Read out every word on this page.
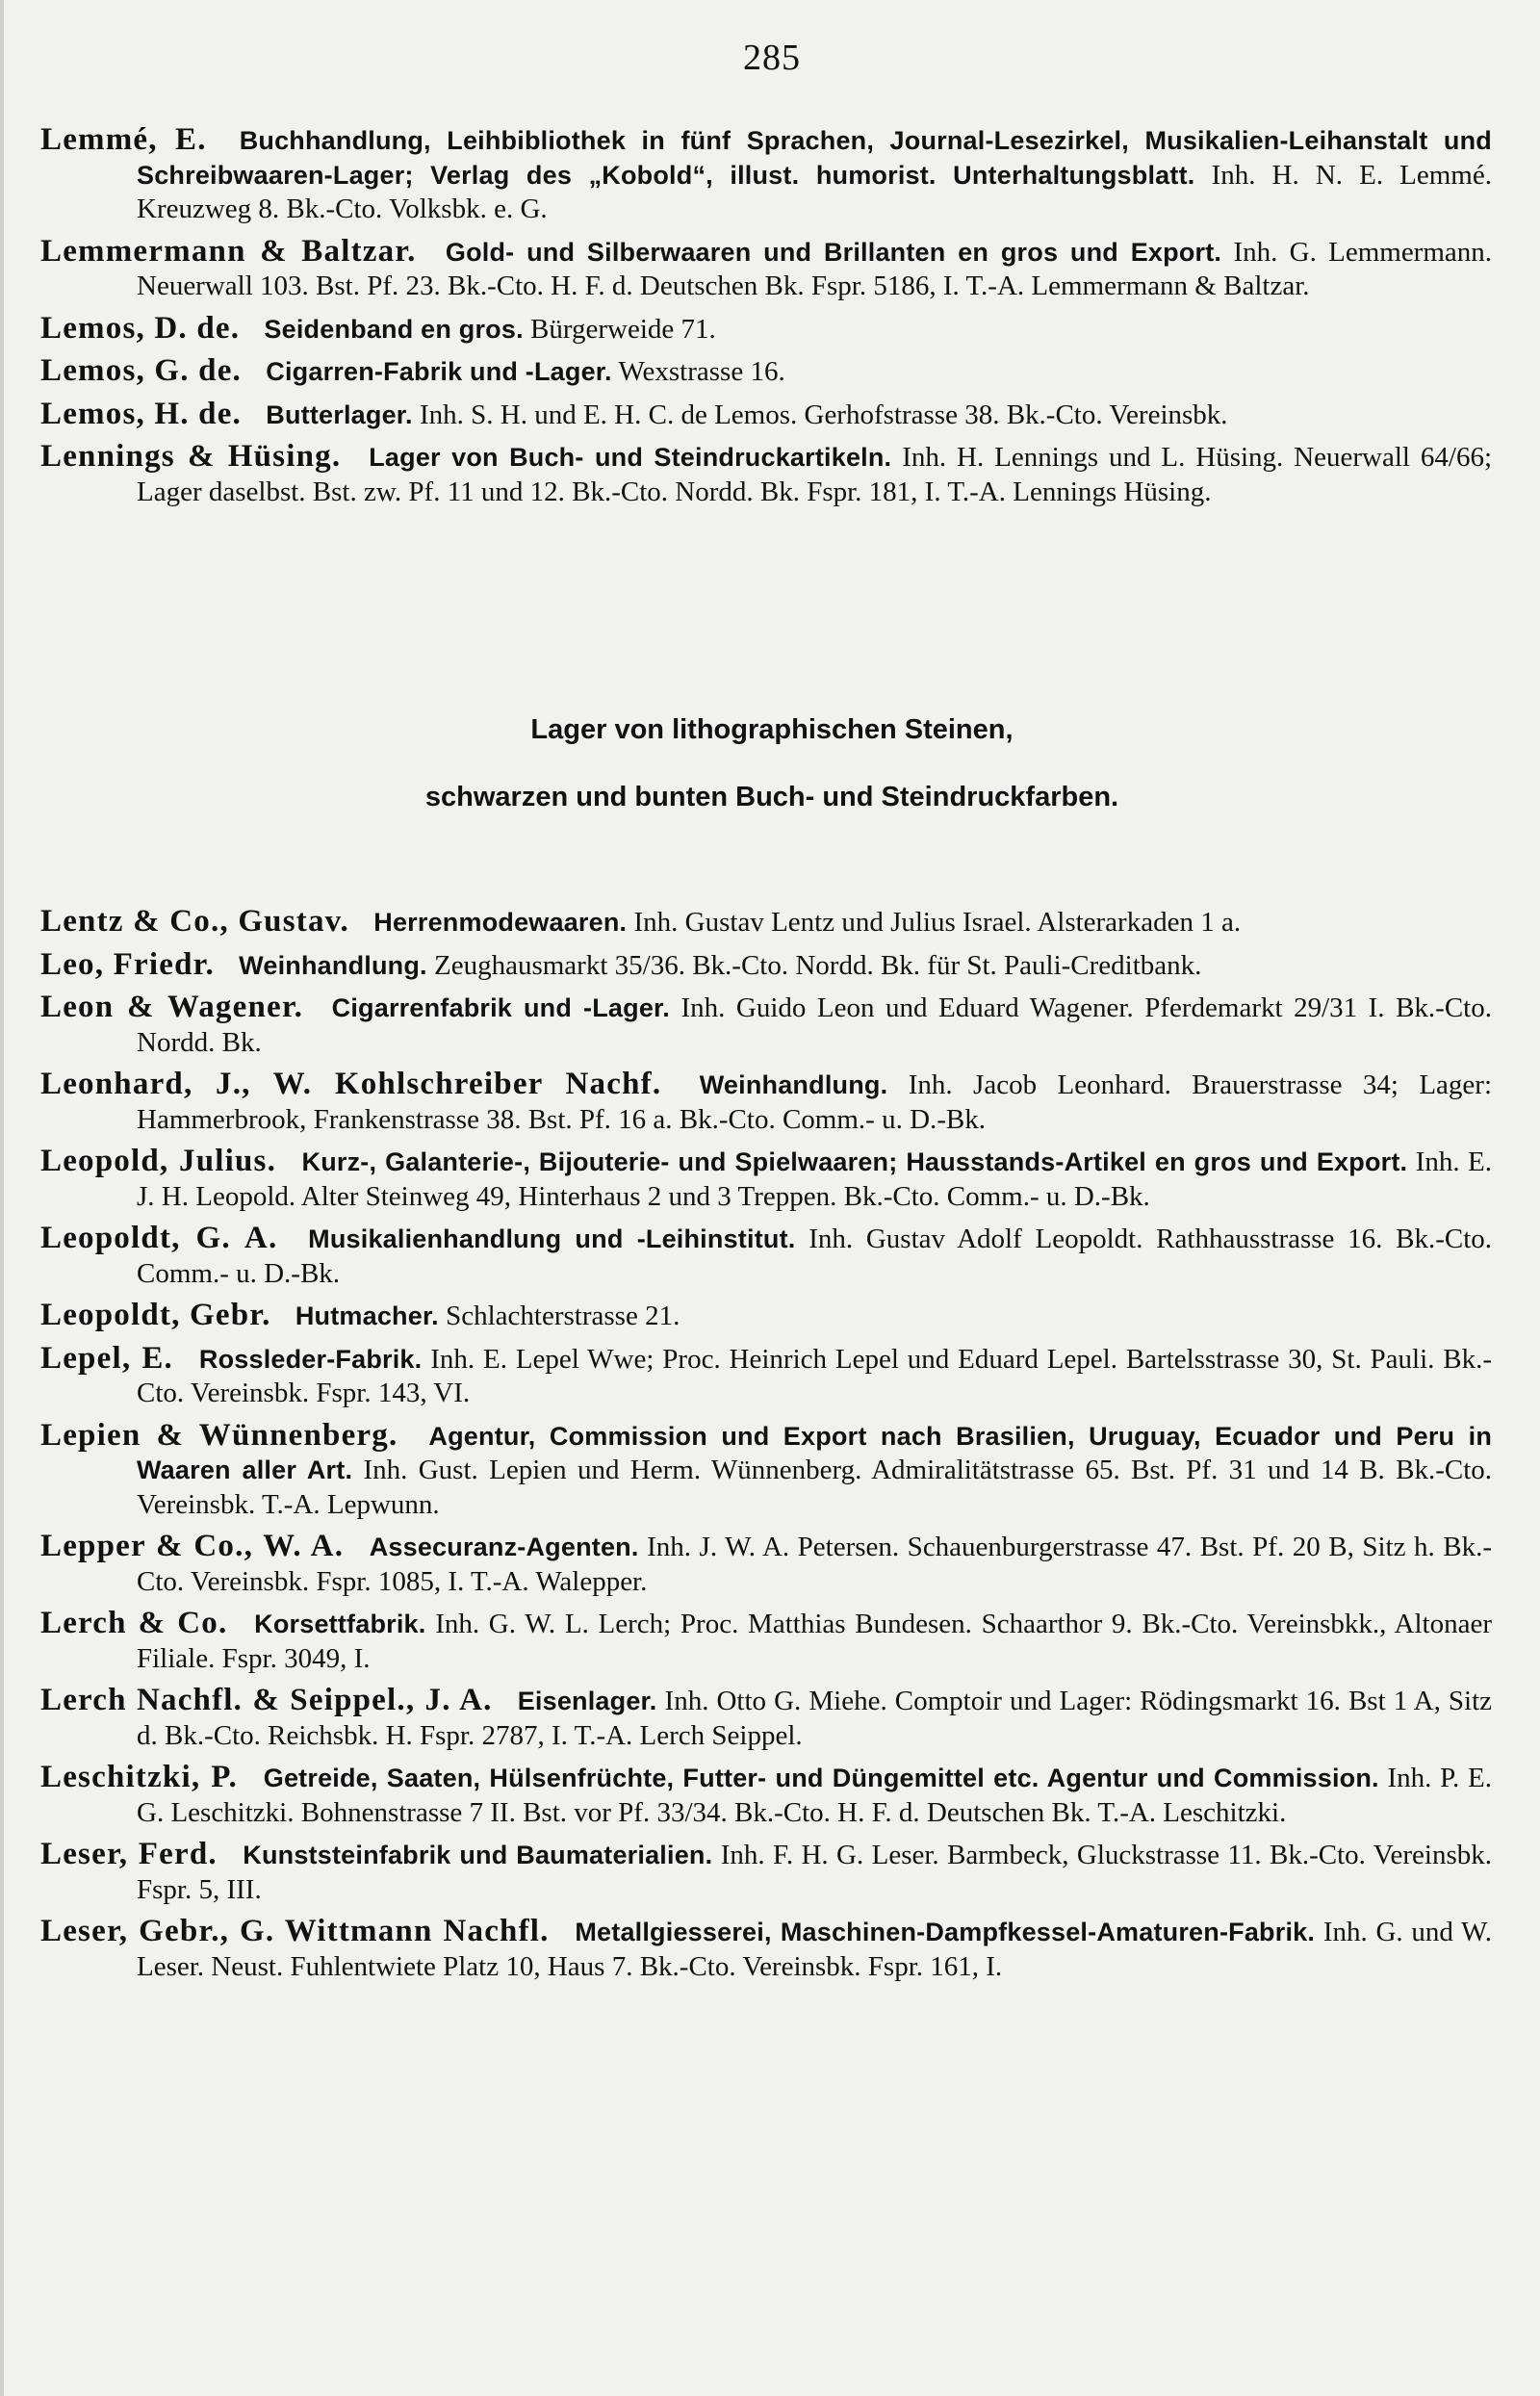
285
Lemmé, E. Buchhandlung, Leihbibliothek in fünf Sprachen, Journal-Lesezirkel, Musikalien-Leihanstalt und Schreibwaaren-Lager; Verlag des „Kobold“, illust. humorist. Unterhaltungsblatt. Inh. H. N. E. Lemmé. Kreuzweg 8. Bk.-Cto. Volksbk. e. G.
Lemmermann & Baltzar. Gold- und Silberwaaren und Brillanten en gros und Export. Inh. G. Lemmermann. Neuerwall 103. Bst. Pf. 23. Bk.-Cto. H. F. d. Deutschen Bk. Fspr. 5186, I. T.-A. Lemmermann & Baltzar.
Lemos, D. de. Seidenband en gros. Bürgerweide 71.
Lemos, G. de. Cigarren-Fabrik und -Lager. Wexstrasse 16.
Lemos, H. de. Butterlager. Inh. S. H. und E. H. C. de Lemos. Gerhofstrasse 38. Bk.-Cto. Vereinsbk.
Lennings & Hüsing. Lager von Buch- und Steindruckartikeln. Inh. H. Lennings und L. Hüsing. Neuerwall 64/66; Lager daselbst. Bst. zw. Pf. 11 und 12. Bk.-Cto. Nordd. Bk. Fspr. 181, I. T.-A. Lennings Hüsing.
Lager von lithographischen Steinen,
schwarzen und bunten Buch- und Steindruckfarben.
Lentz & Co., Gustav. Herrenmodewaaren. Inh. Gustav Lentz und Julius Israel. Alsterarkaden 1 a.
Leo, Friedr. Weinhandlung. Zeughausmarkt 35/36. Bk.-Cto. Nordd. Bk. für St. Pauli-Creditbank.
Leon & Wagener. Cigarrenfabrik und -Lager. Inh. Guido Leon und Eduard Wagener. Pferdemarkt 29/31 I. Bk.-Cto. Nordd. Bk.
Leonhard, J., W. Kohlschreiber Nachf. Weinhandlung. Inh. Jacob Leonhard. Brauerstrasse 34; Lager: Hammerbrook, Frankenstrasse 38. Bst. Pf. 16 a. Bk.-Cto. Comm.- u. D.-Bk.
Leopold, Julius. Kurz-, Galanterie-, Bijouterie- und Spielwaaren; Hausstands-Artikel en gros und Export. Inh. E. J. H. Leopold. Alter Steinweg 49, Hinterhaus 2 und 3 Treppen. Bk.-Cto. Comm.- u. D.-Bk.
Leopoldt, G. A. Musikalienhandlung und -Leihinstitut. Inh. Gustav Adolf Leopoldt. Rathhausstrasse 16. Bk.-Cto. Comm.- u. D.-Bk.
Leopoldt, Gebr. Hutmacher. Schlachterstrasse 21.
Lepel, E. Rossleder-Fabrik. Inh. E. Lepel Wwe; Proc. Heinrich Lepel und Eduard Lepel. Bartelsstrasse 30, St. Pauli. Bk.-Cto. Vereinsbk. Fspr. 143, VI.
Lepien & Wünnenberg. Agentur, Commission und Export nach Brasilien, Uruguay, Ecuador und Peru in Waaren aller Art. Inh. Gust. Lepien und Herm. Wünnenberg. Admiralitätstrasse 65. Bst. Pf. 31 und 14 B. Bk.-Cto. Vereinsbk. T.-A. Lepwunn.
Lepper & Co., W. A. Assecuranz-Agenten. Inh. J. W. A. Petersen. Schauenburgerstrasse 47. Bst. Pf. 20 B, Sitz h. Bk.-Cto. Vereinsbk. Fspr. 1085, I. T.-A. Walepper.
Lerch & Co. Korsettfabrik. Inh. G. W. L. Lerch; Proc. Matthias Bundesen. Schaarthor 9. Bk.-Cto. Vereinsbkk., Altonaer Filiale. Fspr. 3049, I.
Lerch Nachfl. & Seippel., J. A. Eisenlager. Inh. Otto G. Miehe. Comptoir und Lager: Rödingsmarkt 16. Bst 1 A, Sitz d. Bk.-Cto. Reichsbk. H. Fspr. 2787, I. T.-A. Lerch Seippel.
Leschitzki, P. Getreide, Saaten, Hülsenfrüchte, Futter- und Düngemittel etc. Agentur und Commission. Inh. P. E. G. Leschitzki. Bohnenstrasse 7 II. Bst. vor Pf. 33/34. Bk.-Cto. H. F. d. Deutschen Bk. T.-A. Leschitzki.
Leser, Ferd. Kunststeinfabrik und Baumaterialien. Inh. F. H. G. Leser. Barmbeck, Gluckstrasse 11. Bk.-Cto. Vereinsbk. Fspr. 5, III.
Leser, Gebr., G. Wittmann Nachfl. Metallgiesserei, Maschinen-Dampfkessel-Amaturen-Fabrik. Inh. G. und W. Leser. Neust. Fuhlentwiete Platz 10, Haus 7. Bk.-Cto. Vereinsbk. Fspr. 161, I.
